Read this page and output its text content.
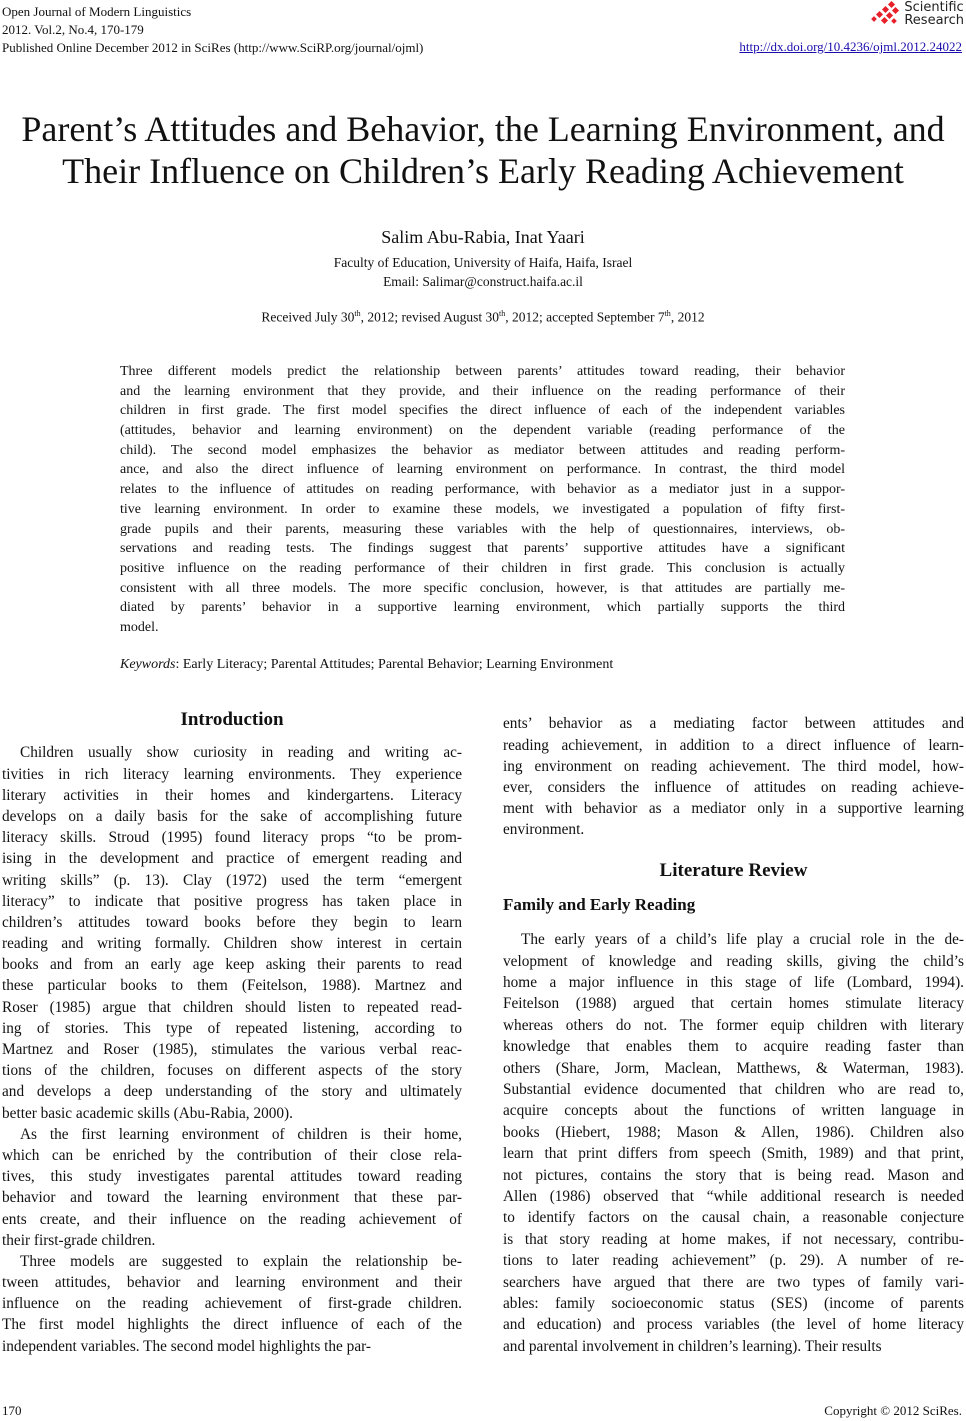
Open Journal of Modern Linguistics
2012. Vol.2, No.4, 170-179
Published Online December 2012 in SciRes (http://www.SciRP.org/journal/ojml)
Scientific
Research
http://dx.doi.org/10.4236/ojml.2012.24022
Parent’s Attitudes and Behavior, the Learning Environment, and
Their Influence on Children’s Early Reading Achievement
Salim Abu-Rabia, Inat Yaari
Faculty of Education, University of Haifa, Haifa, Israel
Email: Salimar@construct.haifa.ac.il
Received July 30th, 2012; revised August 30th, 2012; accepted September 7th, 2012
Three different models predict the relationship between parents’ attitudes toward reading, their behavior
and the learning environment that they provide, and their influence on the reading performance of their
children in first grade. The first model specifies the direct influence of each of the independent variables
(attitudes, behavior and learning environment) on the dependent variable (reading performance of the
child). The second model emphasizes the behavior as mediator between attitudes and reading perform-
ance, and also the direct influence of learning environment on performance. In contrast, the third model
relates to the influence of attitudes on reading performance, with behavior as a mediator just in a suppor-
tive learning environment. In order to examine these models, we investigated a population of fifty first-
grade pupils and their parents, measuring these variables with the help of questionnaires, interviews, ob-
servations and reading tests. The findings suggest that parents’ supportive attitudes have a significant
positive influence on the reading performance of their children in first grade. This conclusion is actually
consistent with all three models. The more specific conclusion, however, is that attitudes are partially me-
diated by parents’ behavior in a supportive learning environment, which partially supports the third
model.
Keywords: Early Literacy; Parental Attitudes; Parental Behavior; Learning Environment
Introduction
Children usually show curiosity in reading and writing ac-
tivities in rich literacy learning environments. They experience
literary activities in their homes and kindergartens. Literacy
develops on a daily basis for the sake of accomplishing future
literacy skills. Stroud (1995) found literacy props “to be prom-
ising in the development and practice of emergent reading and
writing skills” (p. 13). Clay (1972) used the term “emergent
literacy” to indicate that positive progress has taken place in
children’s attitudes toward books before they begin to learn
reading and writing formally. Children show interest in certain
books and from an early age keep asking their parents to read
these particular books to them (Feitelson, 1988). Martnez and
Roser (1985) argue that children should listen to repeated read-
ing of stories. This type of repeated listening, according to
Martnez and Roser (1985), stimulates the various verbal reac-
tions of the children, focuses on different aspects of the story
and develops a deep understanding of the story and ultimately
better basic academic skills (Abu-Rabia, 2000).
As the first learning environment of children is their home,
which can be enriched by the contribution of their close rela-
tives, this study investigates parental attitudes toward reading
behavior and toward the learning environment that these par-
ents create, and their influence on the reading achievement of
their first-grade children.
Three models are suggested to explain the relationship be-
tween attitudes, behavior and learning environment and their
influence on the reading achievement of first-grade children.
The first model highlights the direct influence of each of the
independent variables. The second model highlights the par-
ents’ behavior as a mediating factor between attitudes and
reading achievement, in addition to a direct influence of learn-
ing environment on reading achievement. The third model, how-
ever, considers the influence of attitudes on reading achieve-
ment with behavior as a mediator only in a supportive learning
environment.
Literature Review
Family and Early Reading
The early years of a child’s life play a crucial role in the de-
velopment of knowledge and reading skills, giving the child’s
home a major influence in this stage of life (Lombard, 1994).
Feitelson (1988) argued that certain homes stimulate literacy
whereas others do not. The former equip children with literary
knowledge that enables them to acquire reading faster than
others (Share, Jorm, Maclean, Matthews, & Waterman, 1983).
Substantial evidence documented that children who are read to,
acquire concepts about the functions of written language in
books (Hiebert, 1988; Mason & Allen, 1986). Children also
learn that print differs from speech (Smith, 1989) and that print,
not pictures, contains the story that is being read. Mason and
Allen (1986) observed that “while additional research is needed
to identify factors on the causal chain, a reasonable conjecture
is that story reading at home makes, if not necessary, contribu-
tions to later reading achievement” (p. 29). A number of re-
searchers have argued that there are two types of family vari-
ables: family socioeconomic status (SES) (income of parents
and education) and process variables (the level of home literacy
and parental involvement in children’s learning). Their results
170	Copyright © 2012 SciRes.
